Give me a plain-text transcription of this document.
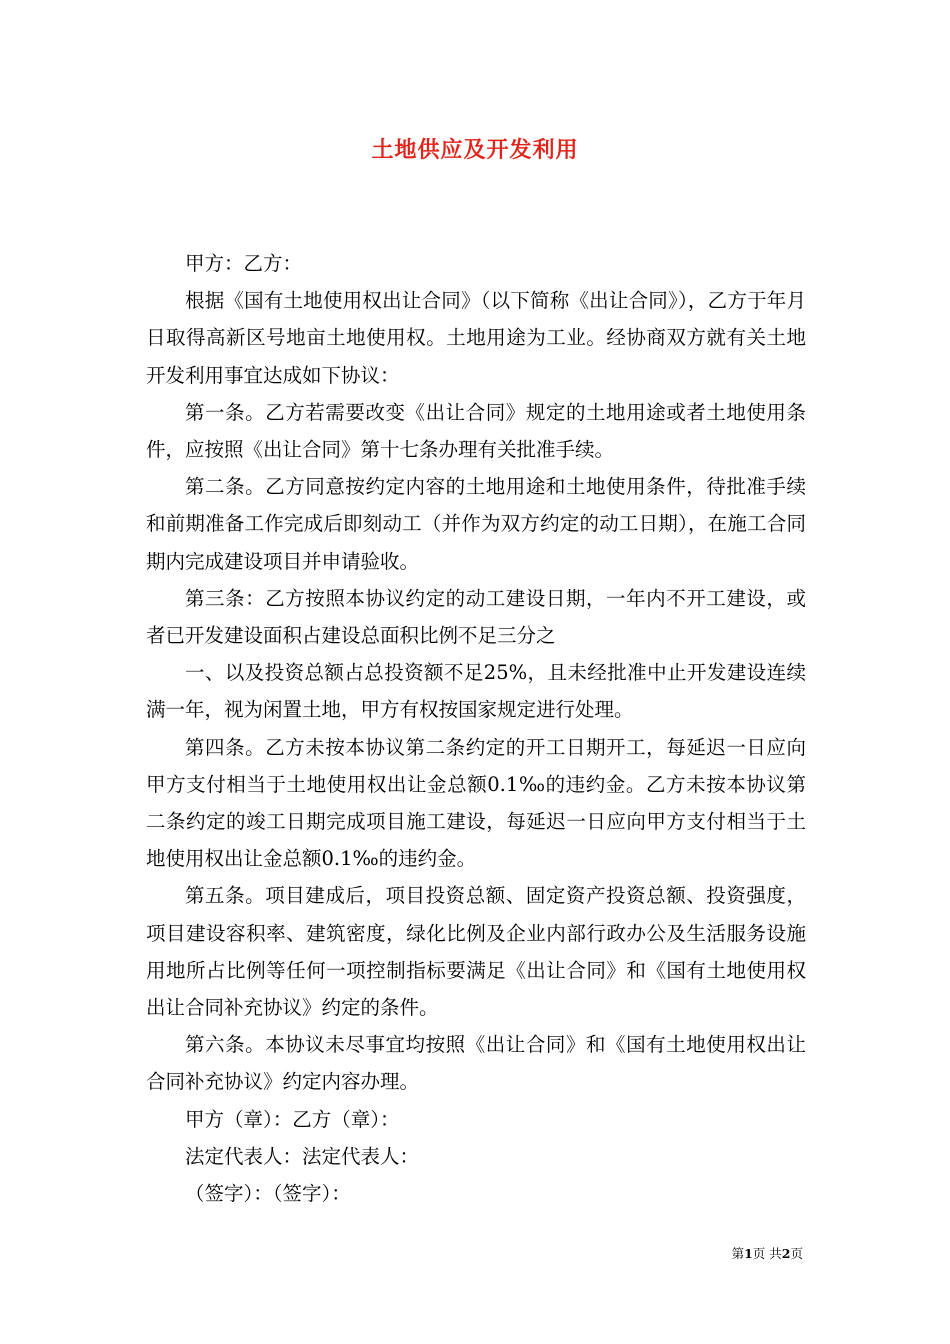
土地供应及开发利用

甲方：乙方：

根据《国有土地使用权出让合同》（以下简称《出让合同》），乙方于年月日取得高新区号地亩土地使用权。土地用途为工业。经协商双方就有关土地开发利用事宜达成如下协议：

第一条。乙方若需要改变《出让合同》规定的土地用途或者土地使用条件，应按照《出让合同》第十七条办理有关批准手续。

第二条。乙方同意按约定内容的土地用途和土地使用条件，待批准手续和前期准备工作完成后即刻动工（并作为双方约定的动工日期），在施工合同期内完成建设项目并申请验收。

第三条：乙方按照本协议约定的动工建设日期，一年内不开工建设，或者已开发建设面积占建设总面积比例不足三分之

一、以及投资总额占总投资额不足25%，且未经批准中止开发建设连续满一年，视为闲置土地，甲方有权按国家规定进行处理。

第四条。乙方未按本协议第二条约定的开工日期开工，每延迟一日应向甲方支付相当于土地使用权出让金总额0.1‰的违约金。乙方未按本协议第二条约定的竣工日期完成项目施工建设，每延迟一日应向甲方支付相当于土地使用权出让金总额0.1‰的违约金。

第五条。项目建成后，项目投资总额、固定资产投资总额、投资强度，项目建设容积率、建筑密度，绿化比例及企业内部行政办公及生活服务设施用地所占比例等任何一项控制指标要满足《出让合同》和《国有土地使用权出让合同补充协议》约定的条件。

第六条。本协议未尽事宜均按照《出让合同》和《国有土地使用权出让合同补充协议》约定内容办理。

甲方（章）：乙方（章）：

法定代表人：法定代表人：

（签字）：（签字）：

第1页 共2页
